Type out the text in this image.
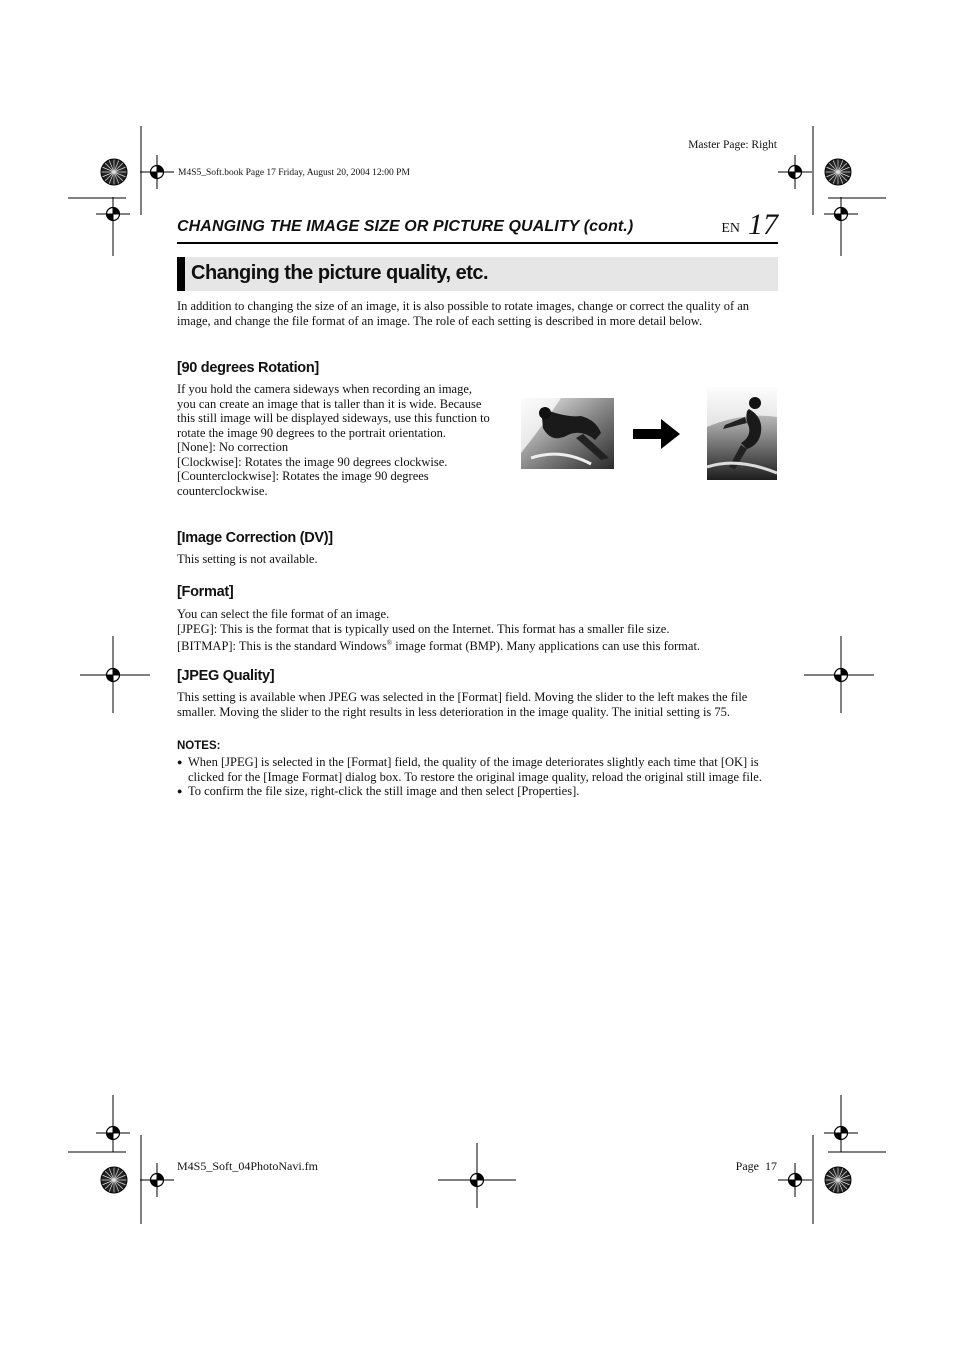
Master Page: Right
M4S5_Soft.book Page 17 Friday, August 20, 2004 12:00 PM
CHANGING THE IMAGE SIZE OR PICTURE QUALITY (cont.)	EN 17
Changing the picture quality, etc.
In addition to changing the size of an image, it is also possible to rotate images, change or correct the quality of an image, and change the file format of an image. The role of each setting is described in more detail below.
[90 degrees Rotation]
If you hold the camera sideways when recording an image, you can create an image that is taller than it is wide. Because this still image will be displayed sideways, use this function to rotate the image 90 degrees to the portrait orientation.
[None]: No correction
[Clockwise]: Rotates the image 90 degrees clockwise.
[Counterclockwise]: Rotates the image 90 degrees counterclockwise.
[Image Correction (DV)]
This setting is not available.
[Format]
You can select the file format of an image.
[JPEG]: This is the format that is typically used on the Internet. This format has a smaller file size.
[BITMAP]: This is the standard Windows® image format (BMP). Many applications can use this format.
[JPEG Quality]
This setting is available when JPEG was selected in the [Format] field. Moving the slider to the left makes the file smaller. Moving the slider to the right results in less deterioration in the image quality. The initial setting is 75.
NOTES:
● When [JPEG] is selected in the [Format] field, the quality of the image deteriorates slightly each time that [OK] is clicked for the [Image Format] dialog box. To restore the original image quality, reload the original still image file.
● To confirm the file size, right-click the still image and then select [Properties].
M4S5_Soft_04PhotoNavi.fm	Page  17
